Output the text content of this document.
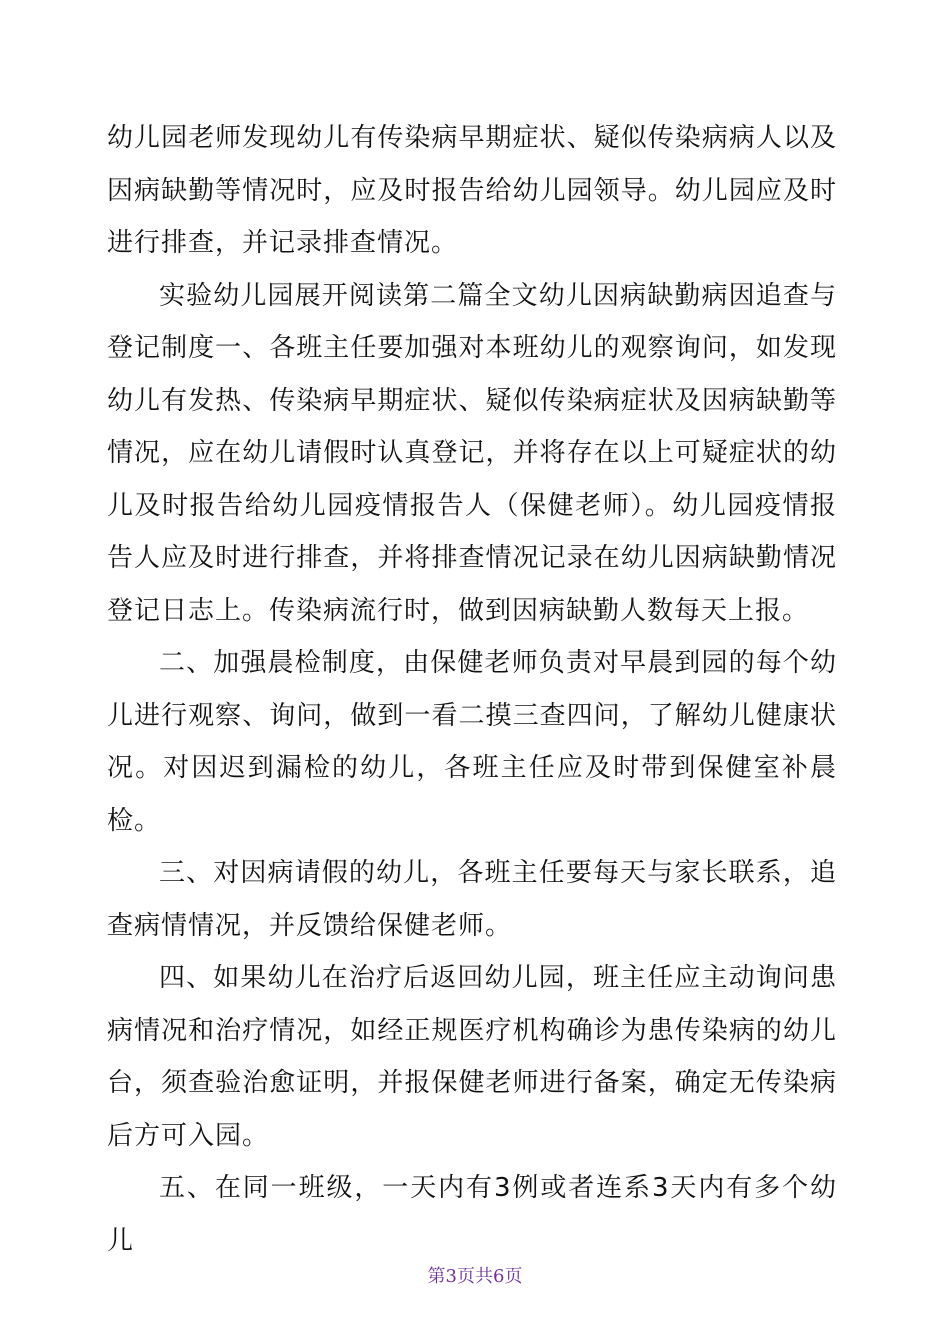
幼儿园老师发现幼儿有传染病早期症状、疑似传染病病人以及因病缺勤等情况时，应及时报告给幼儿园领导。幼儿园应及时进行排查，并记录排查情况。

实验幼儿园展开阅读第二篇全文幼儿因病缺勤病因追查与登记制度一、各班主任要加强对本班幼儿的观察询问，如发现幼儿有发热、传染病早期症状、疑似传染病症状及因病缺勤等情况，应在幼儿请假时认真登记，并将存在以上可疑症状的幼儿及时报告给幼儿园疫情报告人（保健老师）。幼儿园疫情报告人应及时进行排查，并将排查情况记录在幼儿因病缺勤情况登记日志上。传染病流行时，做到因病缺勤人数每天上报。

二、加强晨检制度，由保健老师负责对早晨到园的每个幼儿进行观察、询问，做到一看二摸三查四问，了解幼儿健康状况。对因迟到漏检的幼儿，各班主任应及时带到保健室补晨检。

三、对因病请假的幼儿，各班主任要每天与家长联系，追查病情情况，并反馈给保健老师。

四、如果幼儿在治疗后返回幼儿园，班主任应主动询问患病情况和治疗情况，如经正规医疗机构确诊为患传染病的幼儿台，须查验治愈证明，并报保健老师进行备案，确定无传染病后方可入园。

五、在同一班级，一天内有3例或者连系3天内有多个幼儿

第3页共6页
